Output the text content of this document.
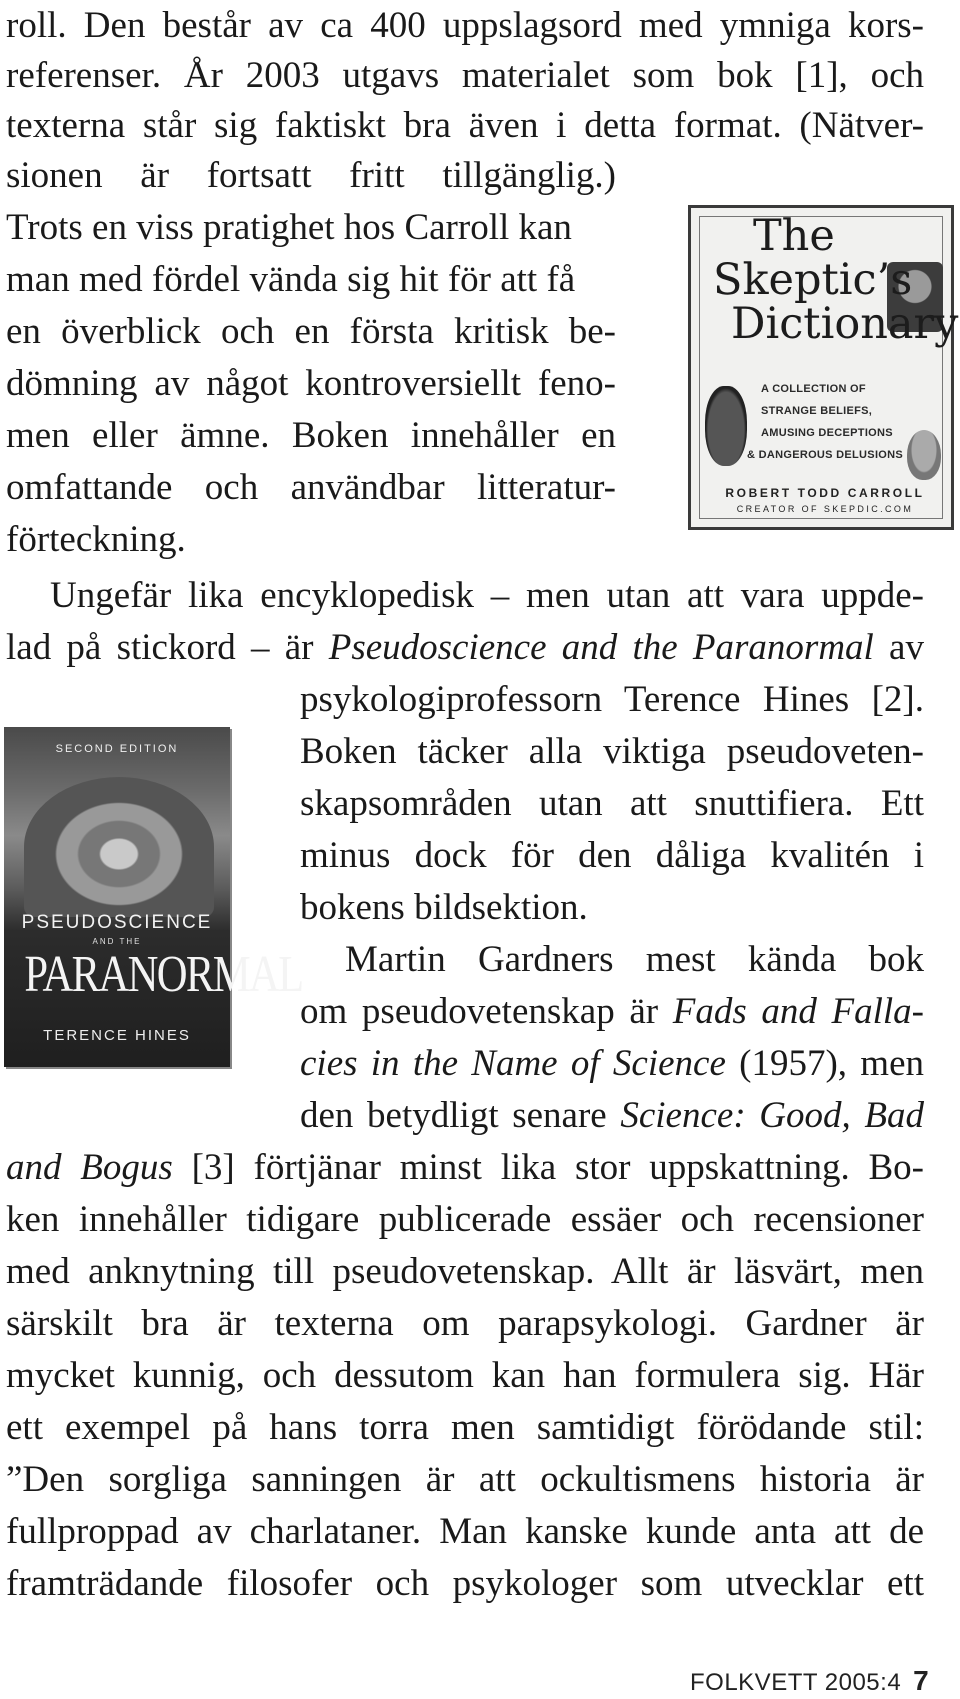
roll. Den består av ca 400 uppslagsord med ymniga kors-
referenser. År 2003 utgavs materialet som bok [1], och
texterna står sig faktiskt bra även i detta format. (Nätver-
sionen är fortsatt fritt tillgänglig.)
Trots en viss pratighet hos Carroll kan
man med fördel vända sig hit för att få
en överblick och en första kritisk be-
dömning av något kontroversiellt feno-
men eller ämne. Boken innehåller en
omfattande och användbar litteratur-
förteckning.
The
Skeptic’s
Dictionary
A COLLECTION OF
STRANGE BELIEFS,
AMUSING DECEPTIONS
& DANGEROUS DELUSIONS
ROBERT TODD CARROLL
CREATOR OF SKEPDIC.COM
Ungefär lika encyklopedisk – men utan att vara uppde-
lad på stickord – är Pseudoscience and the Paranormal av
psykologiprofessorn Terence Hines [2].
Boken täcker alla viktiga pseudoveten-
skapsområden utan att snuttifiera. Ett
minus dock för den dåliga kvalitén i
bokens bildsektion.
SECOND EDITION
PSEUDOSCIENCE
AND THE
PARANORMAL
TERENCE HINES
Martin Gardners mest kända bok
om pseudovetenskap är Fads and Falla-
cies in the Name of Science (1957), men
den betydligt senare Science: Good, Bad
and Bogus [3] förtjänar minst lika stor uppskattning. Bo-
ken innehåller tidigare publicerade essäer och recensioner
med anknytning till pseudovetenskap. Allt är läsvärt, men
särskilt bra är texterna om parapsykologi. Gardner är
mycket kunnig, och dessutom kan han formulera sig. Här
ett exempel på hans torra men samtidigt förödande stil:
”Den sorgliga sanningen är att ockultismens historia är
fullproppad av charlataner. Man kanske kunde anta att de
framträdande filosofer och psykologer som utvecklar ett
FOLKVETT 2005:4 7
